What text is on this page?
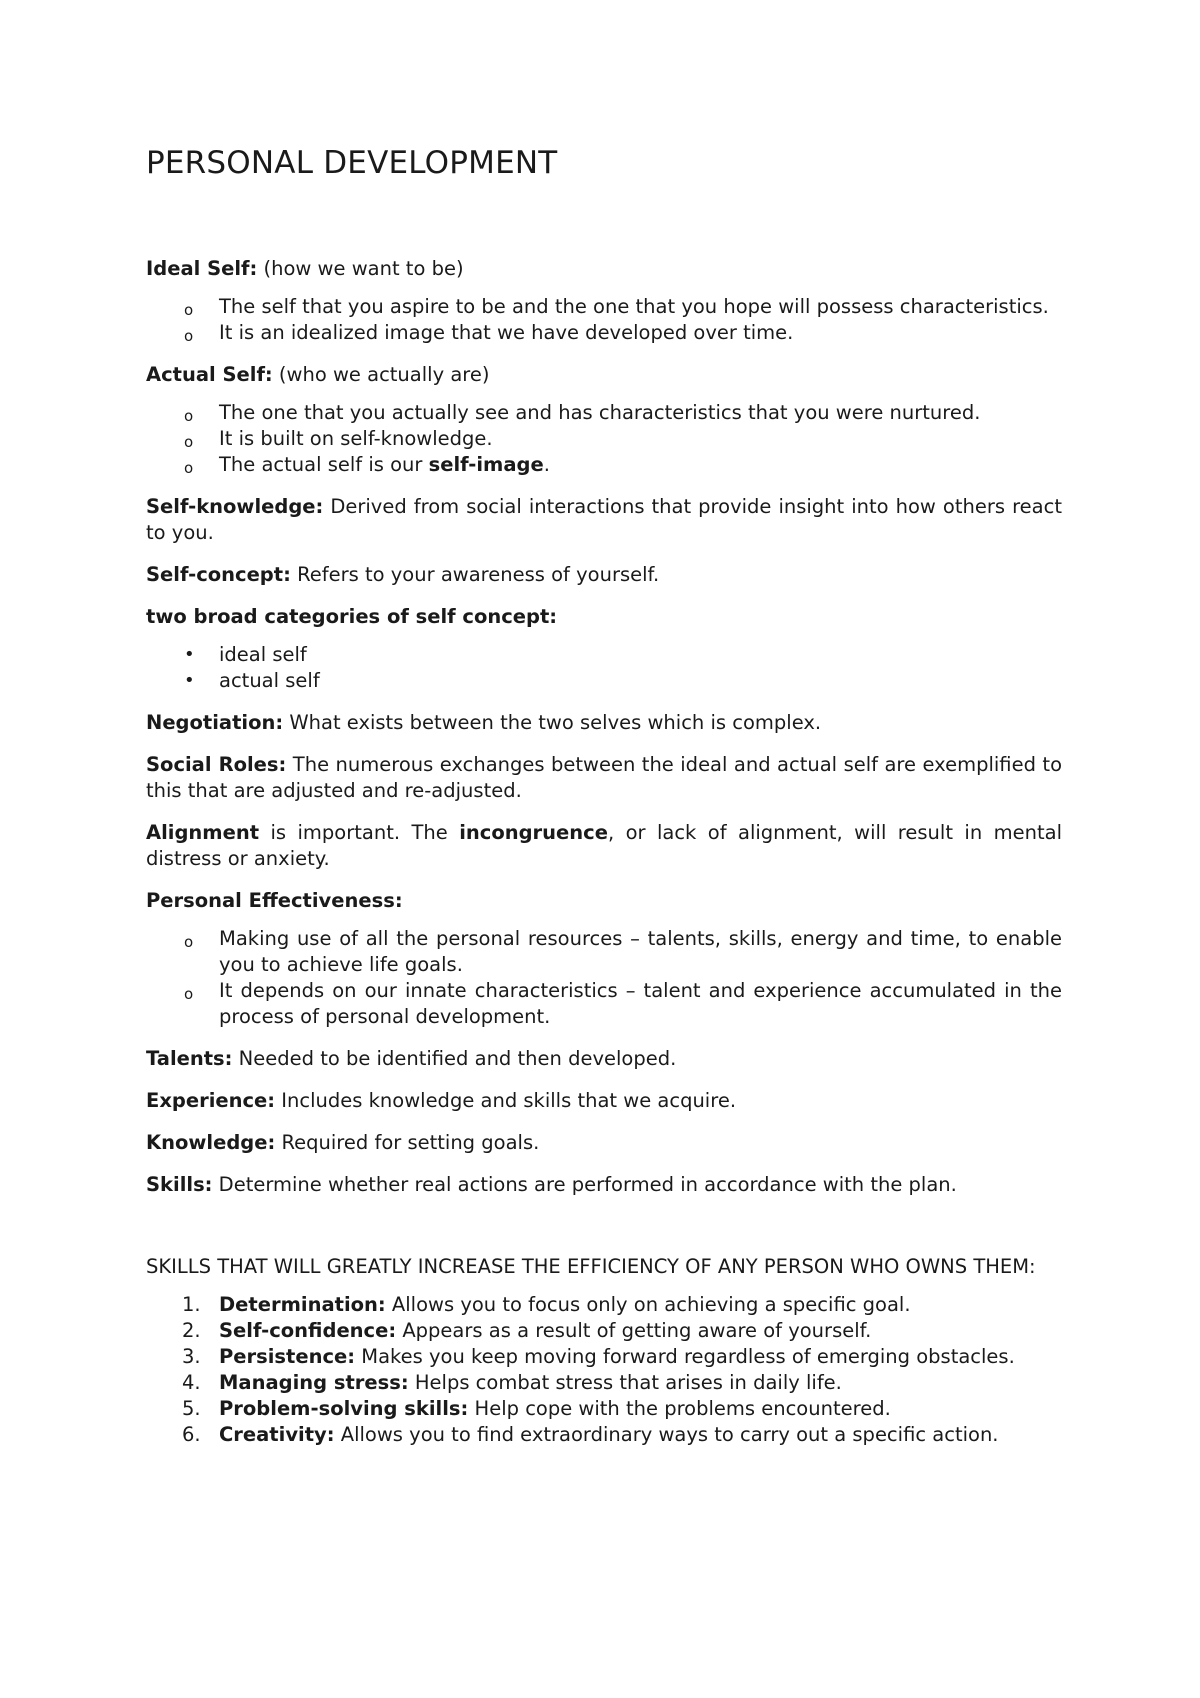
PERSONAL DEVELOPMENT

Ideal Self: (how we want to be)

o The self that you aspire to be and the one that you hope will possess characteristics.
o It is an idealized image that we have developed over time.

Actual Self: (who we actually are)

o The one that you actually see and has characteristics that you were nurtured.
o It is built on self-knowledge.
o The actual self is our self-image.

Self-knowledge: Derived from social interactions that provide insight into how others react to you.

Self-concept: Refers to your awareness of yourself.

two broad categories of self concept:

• ideal self
• actual self

Negotiation: What exists between the two selves which is complex.

Social Roles: The numerous exchanges between the ideal and actual self are exemplified to this that are adjusted and re-adjusted.

Alignment is important. The incongruence, or lack of alignment, will result in mental distress or anxiety.

Personal Effectiveness:

o Making use of all the personal resources – talents, skills, energy and time, to enable you to achieve life goals.
o It depends on our innate characteristics – talent and experience accumulated in the process of personal development.

Talents: Needed to be identified and then developed.

Experience: Includes knowledge and skills that we acquire.

Knowledge: Required for setting goals.

Skills: Determine whether real actions are performed in accordance with the plan.

SKILLS THAT WILL GREATLY INCREASE THE EFFICIENCY OF ANY PERSON WHO OWNS THEM:

1. Determination: Allows you to focus only on achieving a specific goal.
2. Self-confidence: Appears as a result of getting aware of yourself.
3. Persistence: Makes you keep moving forward regardless of emerging obstacles.
4. Managing stress: Helps combat stress that arises in daily life.
5. Problem-solving skills: Help cope with the problems encountered.
6. Creativity: Allows you to find extraordinary ways to carry out a specific action.
